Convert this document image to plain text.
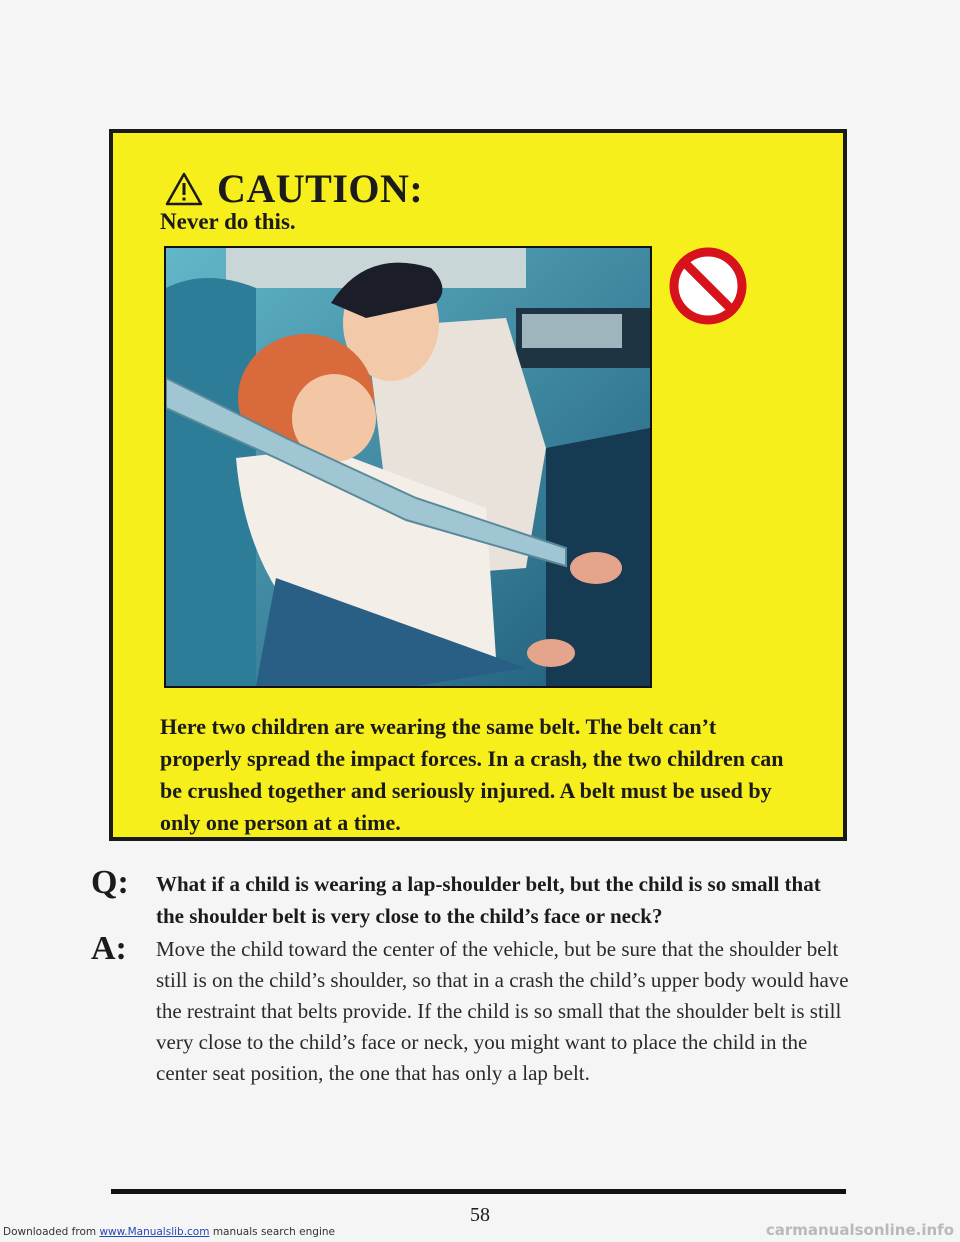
CAUTION:
Never do this.

Here two children are wearing the same belt. The belt can’t properly spread the impact forces. In a crash, the two children can be crushed together and seriously injured. A belt must be used by only one person at a time.

Q: What if a child is wearing a lap-shoulder belt, but the child is so small that the shoulder belt is very close to the child’s face or neck?

A: Move the child toward the center of the vehicle, but be sure that the shoulder belt still is on the child’s shoulder, so that in a crash the child’s upper body would have the restraint that belts provide. If the child is so small that the shoulder belt is still very close to the child’s face or neck, you might want to place the child in the center seat position, the one that has only a lap belt.

58
Downloaded from www.Manualslib.com manuals search engine	carmanualsonline.info
